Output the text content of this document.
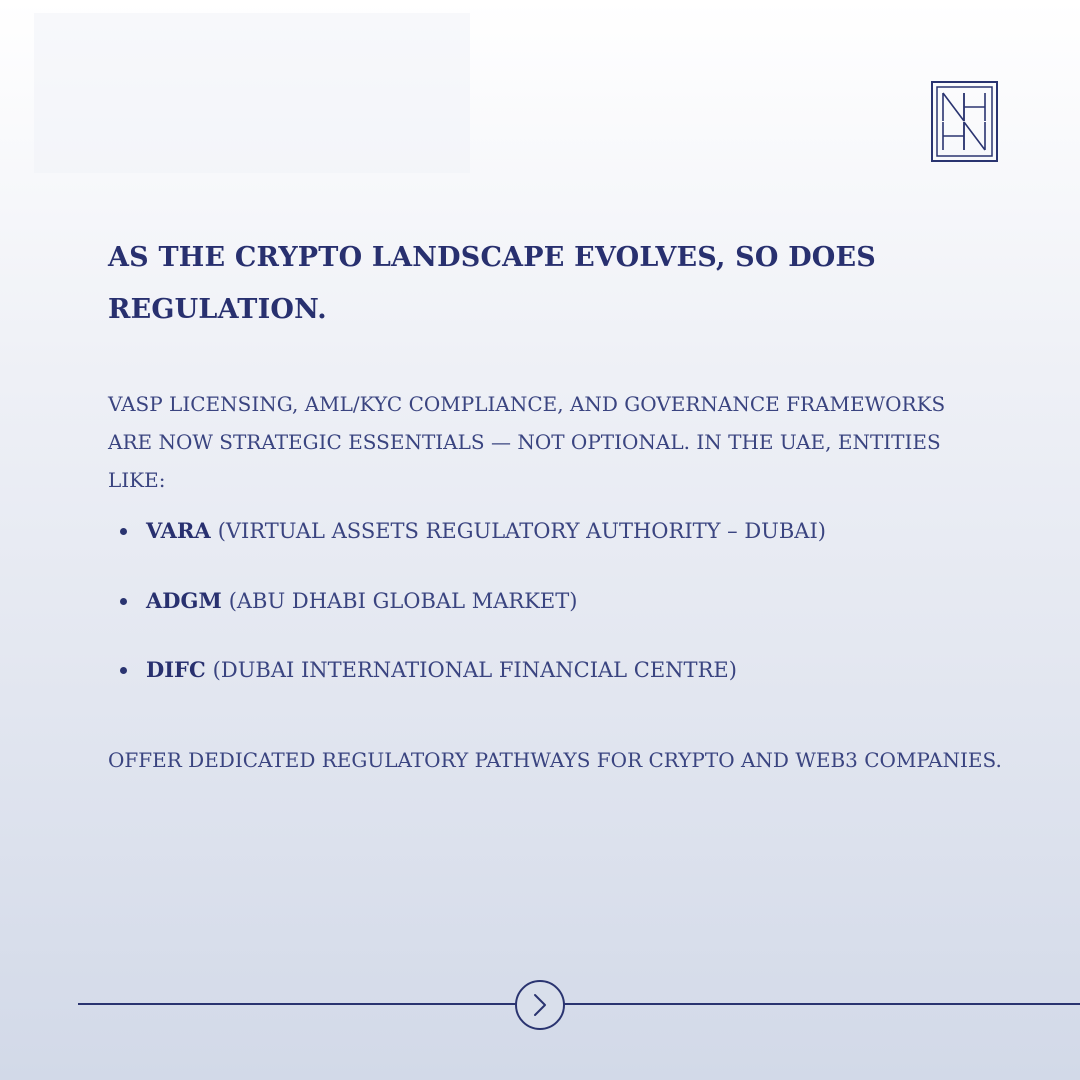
AS THE CRYPTO LANDSCAPE EVOLVES, SO DOES REGULATION.

VASP LICENSING, AML/KYC COMPLIANCE, AND GOVERNANCE FRAMEWORKS
ARE NOW STRATEGIC ESSENTIALS — NOT OPTIONAL. IN THE UAE, ENTITIES LIKE:

VARA (VIRTUAL ASSETS REGULATORY AUTHORITY – DUBAI)
ADGM (ABU DHABI GLOBAL MARKET)
DIFC (DUBAI INTERNATIONAL FINANCIAL CENTRE)

OFFER DEDICATED REGULATORY PATHWAYS FOR CRYPTO AND WEB3 COMPANIES.
